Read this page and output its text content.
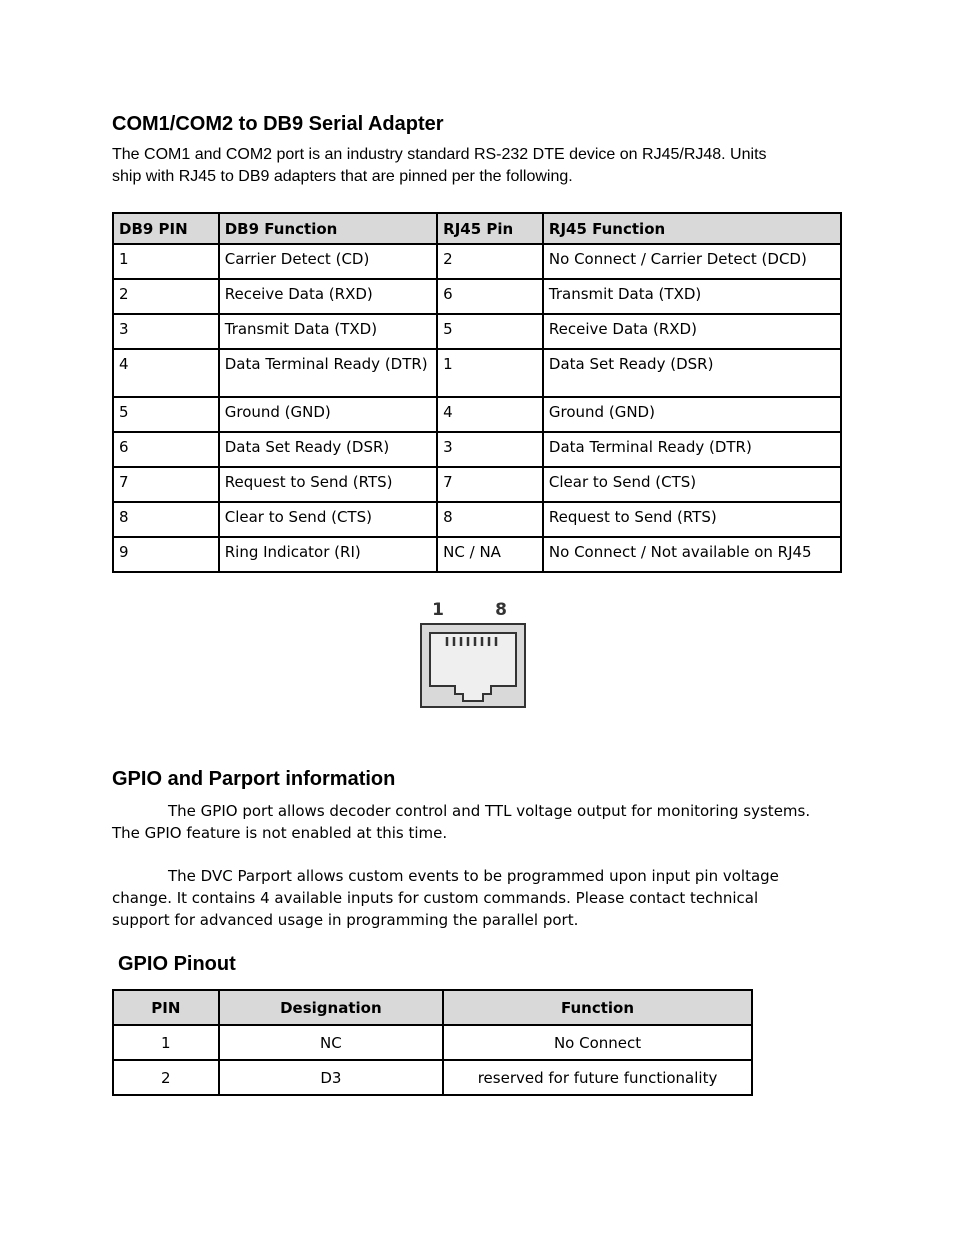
COM1/COM2 to DB9 Serial Adapter

The COM1 and COM2 port is an industry standard RS-232 DTE device on RJ45/RJ48. Units
ship with RJ45 to DB9 adapters that are pinned per the following.

DB9 PIN	DB9 Function	RJ45 Pin	RJ45 Function
1	Carrier Detect (CD)	2	No Connect / Carrier Detect (DCD)
2	Receive Data (RXD)	6	Transmit Data (TXD)
3	Transmit Data (TXD)	5	Receive Data (RXD)
4	Data Terminal Ready (DTR)	1	Data Set Ready (DSR)
5	Ground (GND)	4	Ground (GND)
6	Data Set Ready (DSR)	3	Data Terminal Ready (DTR)
7	Request to Send (RTS)	7	Clear to Send (CTS)
8	Clear to Send (CTS)	8	Request to Send (RTS)
9	Ring Indicator (RI)	NC / NA	No Connect / Not available on RJ45
1	8
GPIO and Parport information

The GPIO port allows decoder control and TTL voltage output for monitoring systems.
The GPIO feature is not enabled at this time.

The DVC Parport allows custom events to be programmed upon input pin voltage
change. It contains 4 available inputs for custom commands. Please contact technical
support for advanced usage in programming the parallel port.

GPIO Pinout
PIN	Designation	Function
1	NC	No Connect
2	D3	reserved for future functionality
